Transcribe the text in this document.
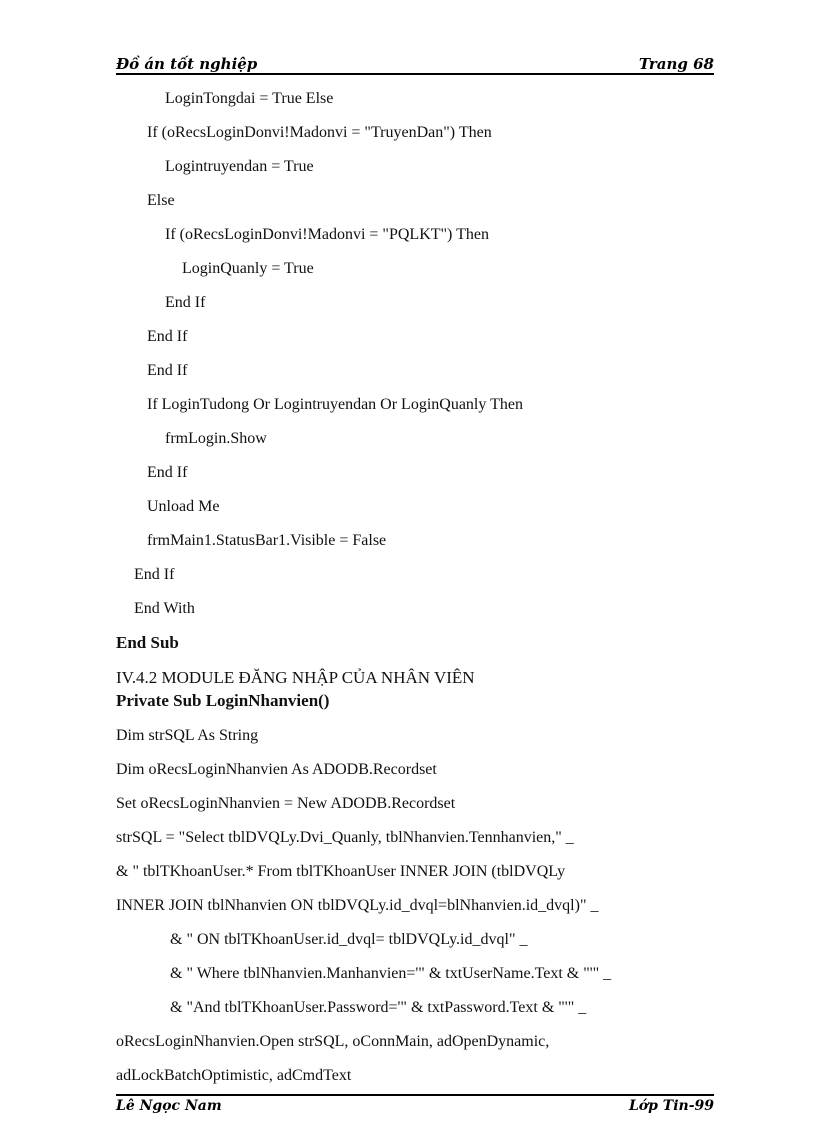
Đồ án tốt nghiệp	Trang 68
LoginTongdai = True Else
If (oRecsLoginDonvi!Madonvi = "TruyenDan") Then
Logintruyendan = True
Else
If (oRecsLoginDonvi!Madonvi = "PQLKT") Then
LoginQuanly = True
End If
End If
End If
If LoginTudong Or Logintruyendan Or LoginQuanly Then
frmLogin.Show
End If
Unload Me
frmMain1.StatusBar1.Visible = False
End If
End With
End Sub
IV.4.2 MODULE ĐĂNG NHẬP CỦA NHÂN VIÊN
Private Sub LoginNhanvien()
Dim strSQL As String
Dim oRecsLoginNhanvien As ADODB.Recordset
Set oRecsLoginNhanvien = New ADODB.Recordset
strSQL = "Select tblDVQLy.Dvi_Quanly, tblNhanvien.Tennhanvien," _
& " tblTKhoanUser.* From tblTKhoanUser INNER JOIN (tblDVQLy
INNER JOIN tblNhanvien ON tblDVQLy.id_dvql=blNhanvien.id_dvql)" _
& " ON tblTKhoanUser.id_dvql= tblDVQLy.id_dvql" _
& " Where tblNhanvien.Manhanvien='" & txtUserName.Text & "'" _
& "And tblTKhoanUser.Password='" & txtPassword.Text & "'" _
oRecsLoginNhanvien.Open strSQL, oConnMain, adOpenDynamic,
adLockBatchOptimistic, adCmdText
Lê Ngọc Nam	Lớp Tin-99
